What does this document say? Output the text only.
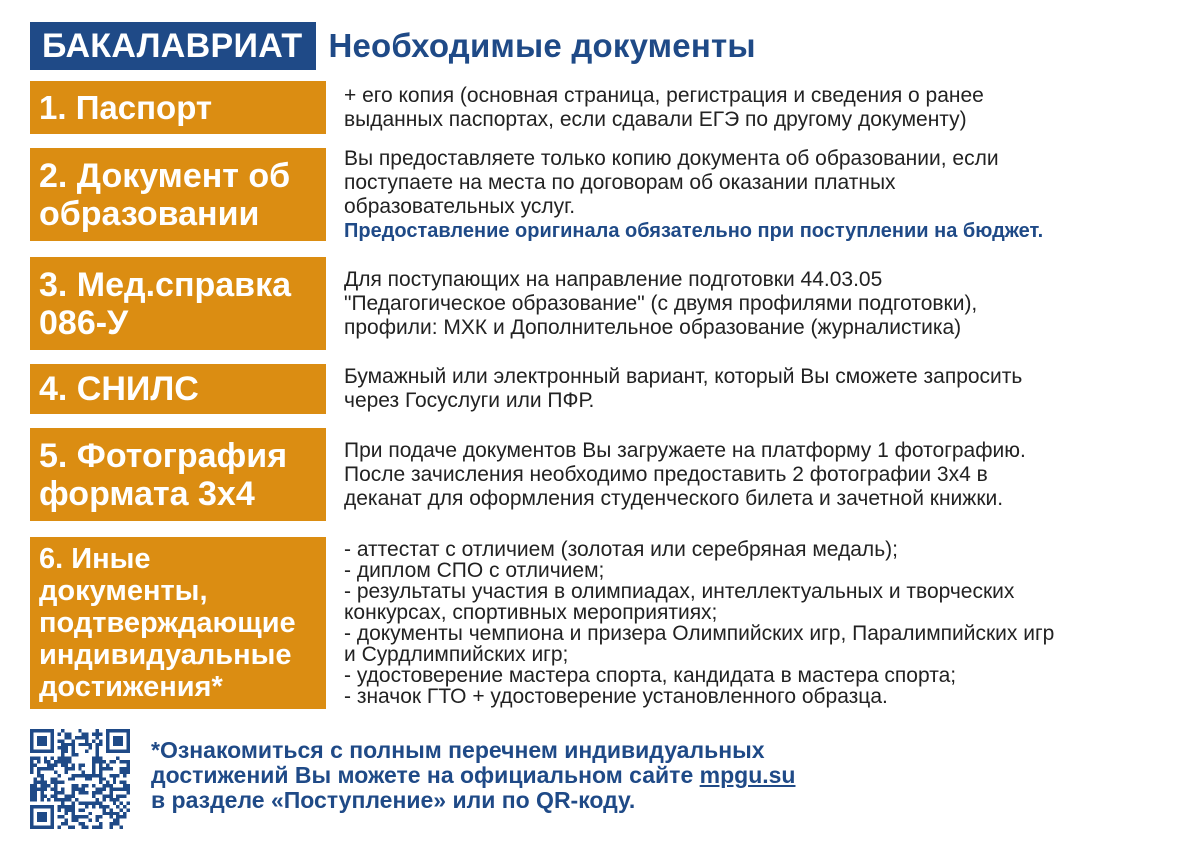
БАКАЛАВРИАТ Необходимые документы
1. Паспорт	+ его копия (основная страница, регистрация и сведения о ранее
выданных паспортах, если сдавали ЕГЭ по другому документу)
2. Документ об
образовании
Вы предоставляете только копию документа об образовании, если
поступаете на места по договорам об оказании платных
образовательных услуг.
Предоставление оригинала обязательно при поступлении на бюджет.
3. Мед.справка
086-У
Для поступающих на направление подготовки 44.03.05
"Педагогическое образование" (с двумя профилями подготовки),
профили: МХК и Дополнительное образование (журналистика)
4. СНИЛС	Бумажный или электронный вариант, который Вы сможете запросить
через Госуслуги или ПФР.
5. Фотография
формата 3х4
При подаче документов Вы загружаете на платформу 1 фотографию.
После зачисления необходимо предоставить 2 фотографии 3х4 в
деканат для оформления студенческого билета и зачетной книжки.
6. Иные
документы,
подтверждающие
индивидуальные
достижения*
- аттестат с отличием (золотая или серебряная медаль);
- диплом СПО с отличием;
- результаты участия в олимпиадах, интеллектуальных и творческих
конкурсах, спортивных мероприятиях;
- документы чемпиона и призера Олимпийских игр, Паралимпийских игр
и Сурдлимпийских игр;
- удостоверение мастера спорта, кандидата в мастера спорта;
- значок ГТО + удостоверение установленного образца.
*Ознакомиться с полным перечнем индивидуальных
достижений Вы можете на официальном сайте mpgu.su
в разделе «Поступление» или по QR-коду.
